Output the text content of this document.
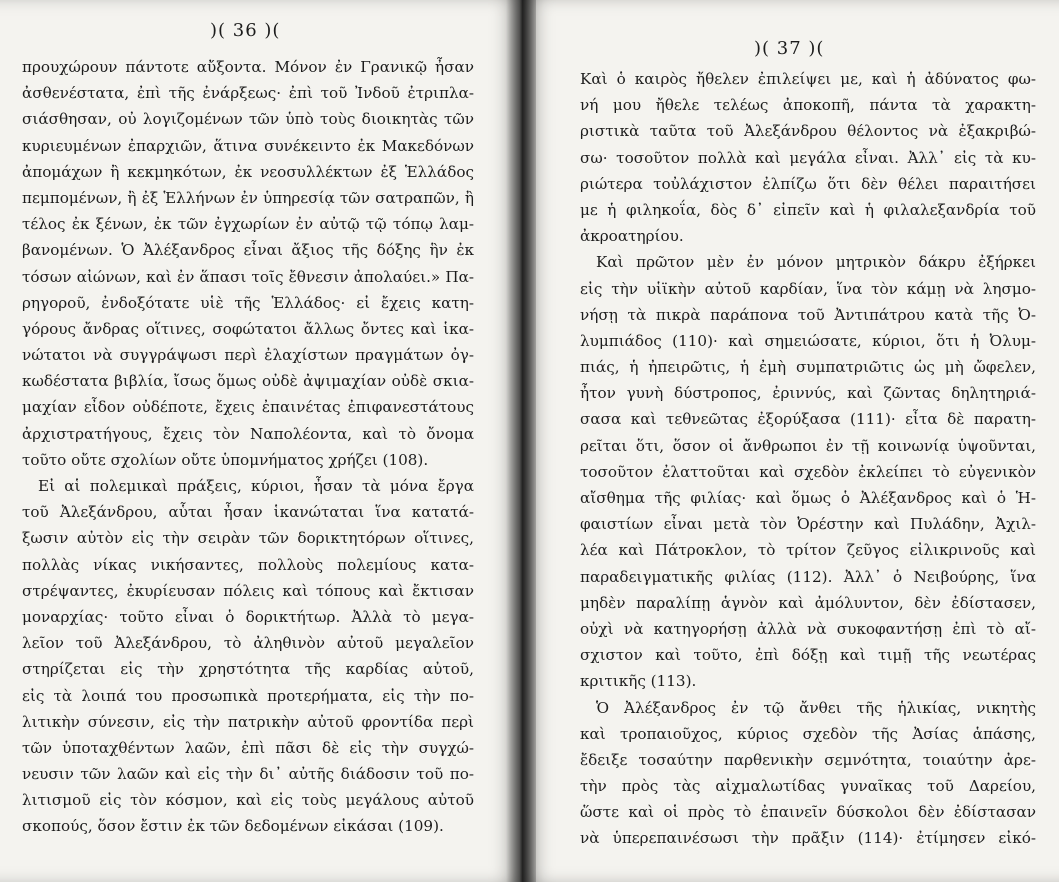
)( 36 )(
προυχώρουν πάντοτε αὔξοντα. Μόνον ἐν Γρανικῷ ἦσαν
ἀσθενέστατα, ἐπὶ τῆς ἐνάρξεως· ἐπὶ τοῦ Ἰνδοῦ ἐτριπλα-
σιάσθησαν, οὐ λογιζομένων τῶν ὑπὸ τοὺς διοικητὰς τῶν
κυριευμένων ἐπαρχιῶν, ἅτινα συνέκειντο ἐκ Μακεδόνων
ἀπομάχων ἢ κεκμηκότων, ἐκ νεοσυλλέκτων ἐξ Ἑλλάδος
πεμπομένων, ἢ ἐξ Ἑλλήνων ἐν ὑπηρεσίᾳ τῶν σατραπῶν, ἢ
τέλος ἐκ ξένων, ἐκ τῶν ἐγχωρίων ἐν αὐτῷ τῷ τόπῳ λαμ-
βανομένων. Ὁ Ἀλέξανδρος εἶναι ἄξιος τῆς δόξης ἣν ἐκ
τόσων αἰώνων, καὶ ἐν ἅπασι τοῖς ἔθνεσιν ἀπολαύει.» Πα-
ρηγοροῦ, ἐνδοξότατε υἱὲ τῆς Ἑλλάδος· εἰ ἔχεις κατη-
γόρους ἄνδρας οἵτινες, σοφώτατοι ἄλλως ὄντες καὶ ἱκα-
νώτατοι νὰ συγγράψωσι περὶ ἐλαχίστων πραγμάτων ὀγ-
κωδέστατα βιβλία, ἴσως ὅμως οὐδὲ ἀψιμαχίαν οὐδὲ σκια-
μαχίαν εἶδον οὐδέποτε, ἔχεις ἐπαινέτας ἐπιφανεστάτους
ἀρχιστρατήγους, ἔχεις τὸν Ναπολέοντα, καὶ τὸ ὄνομα
τοῦτο οὔτε σχολίων οὔτε ὑπομνήματος χρήζει (108).
Εἰ αἱ πολεμικαὶ πράξεις, κύριοι, ἦσαν τὰ μόνα ἔργα
τοῦ Ἀλεξάνδρου, αὗται ἦσαν ἱκανώταται ἵνα κατατά-
ξωσιν αὐτὸν εἰς τὴν σειρὰν τῶν δορικτητόρων οἵτινες,
πολλὰς νίκας νικήσαντες, πολλοὺς πολεμίους κατα-
στρέψαντες, ἐκυρίευσαν πόλεις καὶ τόπους καὶ ἔκτισαν
μοναρχίας· τοῦτο εἶναι ὁ δορικτήτωρ. Ἀλλὰ τὸ μεγα-
λεῖον τοῦ Ἀλεξάνδρου, τὸ ἀληθινὸν αὐτοῦ μεγαλεῖον
στηρίζεται εἰς τὴν χρηστότητα τῆς καρδίας αὐτοῦ,
εἰς τὰ λοιπά του προσωπικὰ προτερήματα, εἰς τὴν πο-
λιτικὴν σύνεσιν, εἰς τὴν πατρικὴν αὐτοῦ φροντίδα περὶ
τῶν ὑποταχθέντων λαῶν, ἐπὶ πᾶσι δὲ εἰς τὴν συγχώ-
νευσιν τῶν λαῶν καὶ εἰς τὴν δι᾽ αὐτῆς διάδοσιν τοῦ πο-
λιτισμοῦ εἰς τὸν κόσμον, καὶ εἰς τοὺς μεγάλους αὐτοῦ
σκοπούς, ὅσον ἔστιν ἐκ τῶν δεδομένων εἰκάσαι (109).
)( 37 )(
Καὶ ὁ καιρὸς ἤθελεν ἐπιλείψει με, καὶ ἡ ἀδύνατος φω-
νή μου ἤθελε τελέως ἀποκοπῆ, πάντα τὰ χαρακτη-
ριστικὰ ταῦτα τοῦ Ἀλεξάνδρου θέλοντος νὰ ἐξακριβώ-
σω· τοσοῦτον πολλὰ καὶ μεγάλα εἶναι. Ἀλλ᾽ εἰς τὰ κυ-
ριώτερα τοὐλάχιστον ἐλπίζω ὅτι δὲν θέλει παραιτήσει
με ἡ φιληκοΐα, δὸς δ᾽ εἰπεῖν καὶ ἡ φιλαλεξανδρία τοῦ
ἀκροατηρίου.
Καὶ πρῶτον μὲν ἐν μόνον μητρικὸν δάκρυ ἐξήρκει
εἰς τὴν υἱϊκὴν αὐτοῦ καρδίαν, ἵνα τὸν κάμῃ νὰ λησμο-
νήσῃ τὰ πικρὰ παράπονα τοῦ Ἀντιπάτρου κατὰ τῆς Ὀ-
λυμπιάδος (110)· καὶ σημειώσατε, κύριοι, ὅτι ἡ Ὀλυμ-
πιάς, ἡ ἠπειρῶτις, ἡ ἐμὴ συμπατριῶτις ὡς μὴ ὤφελεν,
ἦτον γυνὴ δύστροπος, ἐριννύς, καὶ ζῶντας δηλητηριά-
σασα καὶ τεθνεῶτας ἐξορύξασα (111)· εἶτα δὲ παρατη-
ρεῖται ὅτι, ὅσον οἱ ἄνθρωποι ἐν τῇ κοινωνίᾳ ὑψοῦνται,
τοσοῦτον ἐλαττοῦται καὶ σχεδὸν ἐκλείπει τὸ εὐγενικὸν
αἴσθημα τῆς φιλίας· καὶ ὅμως ὁ Ἀλέξανδρος καὶ ὁ Ἡ-
φαιστίων εἶναι μετὰ τὸν Ὀρέστην καὶ Πυλάδην, Ἀχιλ-
λέα καὶ Πάτροκλον, τὸ τρίτον ζεῦγος εἰλικρινοῦς καὶ
παραδειγματικῆς φιλίας (112). Ἀλλ᾽ ὁ Νειβούρης, ἵνα
μηδὲν παραλίπῃ ἁγνὸν καὶ ἀμόλυντον, δὲν ἐδίστασεν,
οὐχὶ νὰ κατηγορήσῃ ἀλλὰ νὰ συκοφαντήσῃ ἐπὶ τὸ αἴ-
σχιστον καὶ τοῦτο, ἐπὶ δόξῃ καὶ τιμῇ τῆς νεωτέρας
κριτικῆς (113).
Ὁ Ἀλέξανδρος ἐν τῷ ἄνθει τῆς ἡλικίας, νικητὴς
καὶ τροπαιοῦχος, κύριος σχεδὸν τῆς Ἀσίας ἁπάσης,
ἔδειξε τοσαύτην παρθενικὴν σεμνότητα, τοιαύτην ἀρε-
τὴν πρὸς τὰς αἰχμαλωτίδας γυναῖκας τοῦ Δαρείου,
ὥστε καὶ οἱ πρὸς τὸ ἐπαινεῖν δύσκολοι δὲν ἐδίστασαν
νὰ ὑπερεπαινέσωσι τὴν πρᾶξιν (114)· ἐτίμησεν εἰκό-
